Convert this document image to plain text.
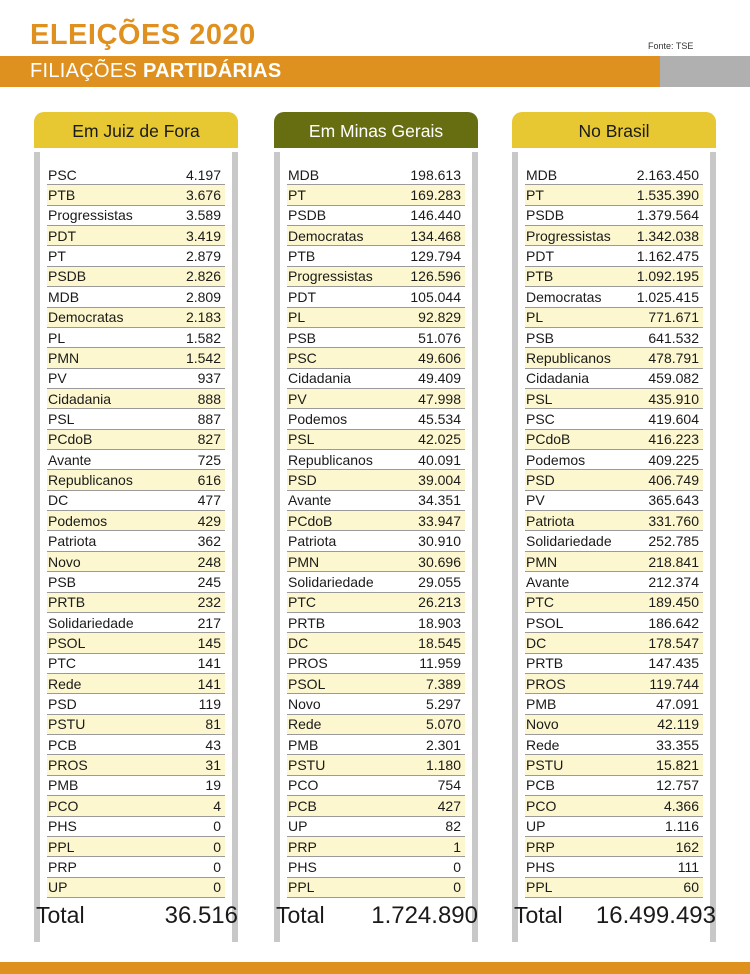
ELEIÇÕES 2020	Fonte: TSE
FILIAÇÕES PARTIDÁRIAS
Em Juiz de Fora
PSC	4.197
PTB	3.676
Progressistas	3.589
PDT	3.419
PT	2.879
PSDB	2.826
MDB	2.809
Democratas	2.183
PL	1.582
PMN	1.542
PV	937
Cidadania	888
PSL	887
PCdoB	827
Avante	725
Republicanos	616
DC	477
Podemos	429
Patriota	362
Novo	248
PSB	245
PRTB	232
Solidariedade	217
PSOL	145
PTC	141
Rede	141
PSD	119
PSTU	81
PCB	43
PROS	31
PMB	19
PCO	4
PHS	0
PPL	0
PRP	0
UP	0
Total	36.516
Em Minas Gerais
MDB	198.613
PT	169.283
PSDB	146.440
Democratas	134.468
PTB	129.794
Progressistas	126.596
PDT	105.044
PL	92.829
PSB	51.076
PSC	49.606
Cidadania	49.409
PV	47.998
Podemos	45.534
PSL	42.025
Republicanos	40.091
PSD	39.004
Avante	34.351
PCdoB	33.947
Patriota	30.910
PMN	30.696
Solidariedade	29.055
PTC	26.213
PRTB	18.903
DC	18.545
PROS	11.959
PSOL	7.389
Novo	5.297
Rede	5.070
PMB	2.301
PSTU	1.180
PCO	754
PCB	427
UP	82
PRP	1
PHS	0
PPL	0
Total 1.724.890
No Brasil
MDB	2.163.450
PT	1.535.390
PSDB	1.379.564
Progressistas 1.342.038
PDT	1.162.475
PTB	1.092.195
Democratas	1.025.415
PL	771.671
PSB	641.532
Republicanos	478.791
Cidadania	459.082
PSL	435.910
PSC	419.604
PCdoB	416.223
Podemos	409.225
PSD	406.749
PV	365.643
Patriota	331.760
Solidariedade	252.785
PMN	218.841
Avante	212.374
PTC	189.450
PSOL	186.642
DC	178.547
PRTB	147.435
PROS	119.744
PMB	47.091
Novo	42.119
Rede	33.355
PSTU	15.821
PCB	12.757
PCO	4.366
UP	1.116
PRP	162
PHS	111
PPL	60
Total 16.499.493
